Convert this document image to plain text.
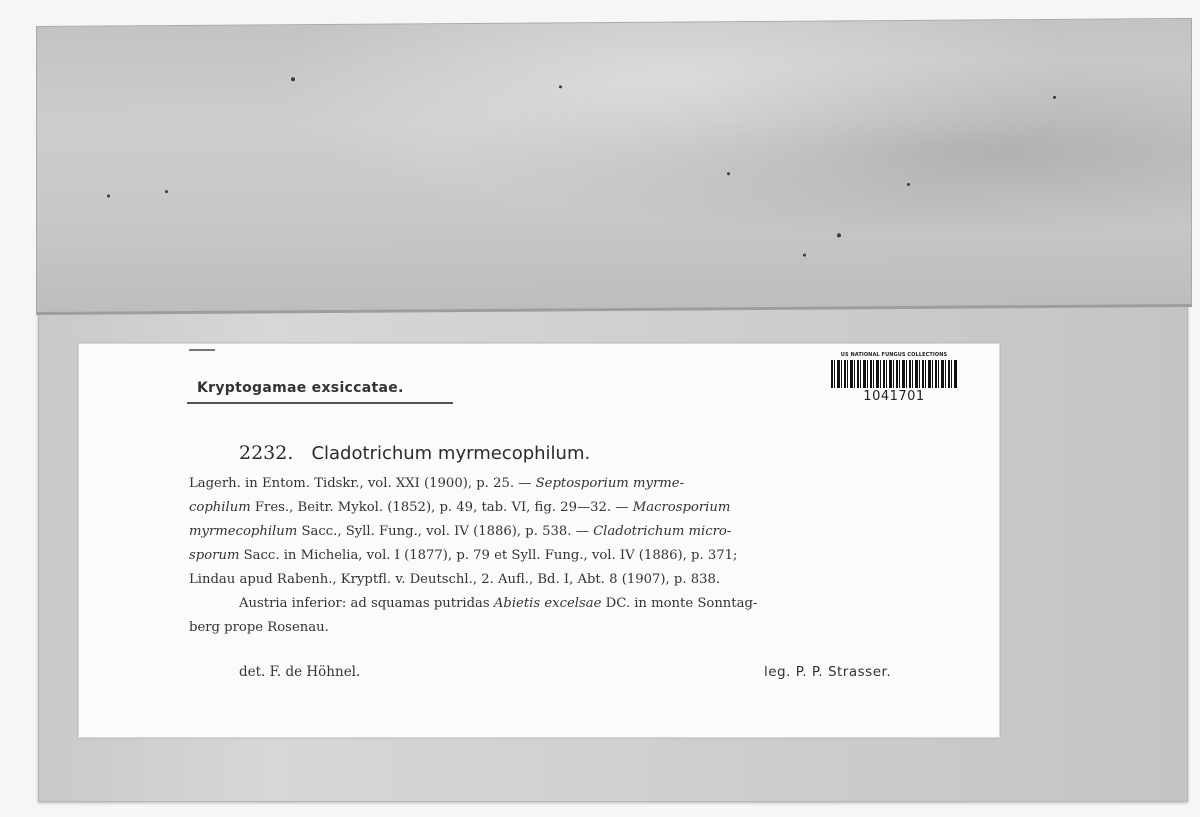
Kryptogamae exsiccatae.
US NATIONAL FUNGUS COLLECTIONS
1041701
2232. Cladotrichum myrmecophilum.
Lagerh. in Entom. Tidskr., vol. XXI (1900), p. 25. — Septosporium myrme-
cophilum Fres., Beitr. Mykol. (1852), p. 49, tab. VI, fig. 29—32. — Macrosporium
myrmecophilum Sacc., Syll. Fung., vol. IV (1886), p. 538. — Cladotrichum micro-
sporum Sacc. in Michelia, vol. I (1877), p. 79 et Syll. Fung., vol. IV (1886), p. 371;
Lindau apud Rabenh., Kryptfl. v. Deutschl., 2. Aufl., Bd. I, Abt. 8 (1907), p. 838.
Austria inferior: ad squamas putridas Abietis excelsae DC. in monte Sonntag-
berg prope Rosenau.
det. F. de Höhnel.	leg. P. P. Strasser.
